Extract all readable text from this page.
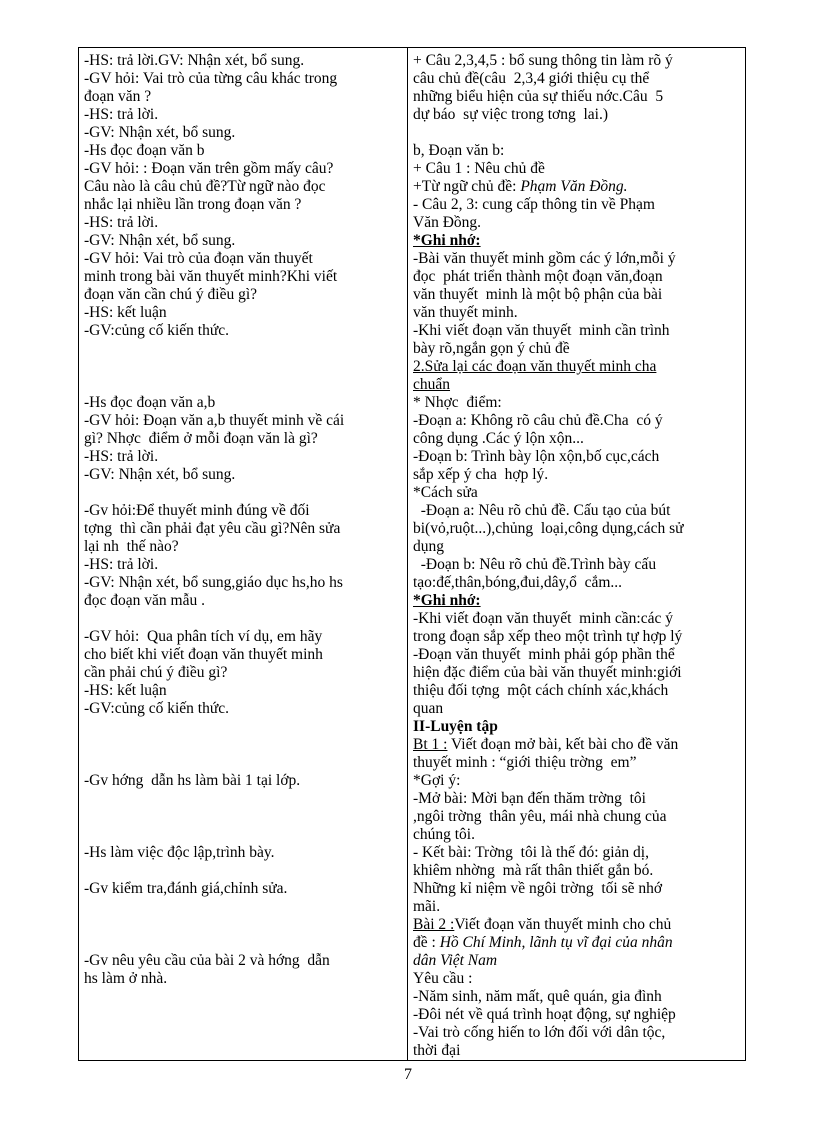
-HS: trả lời.GV: Nhận xét, bổ sung.
-GV hỏi: Vai trò của từng câu khác trong
đoạn văn ?
-HS: trả lời.
-GV: Nhận xét, bổ sung.
-Hs đọc đoạn văn b
-GV hỏi: : Đoạn văn trên gồm mấy câu?
Câu nào là câu chủ đề?Từ ngữ nào đọc
nhắc lại nhiều lần trong đoạn văn ?
-HS: trả lời.
-GV: Nhận xét, bổ sung.
-GV hỏi: Vai trò của đoạn văn thuyết
minh trong bài văn thuyết minh?Khi viết
đoạn văn cần chú ý điều gì?
-HS: kết luận
-GV:củng cố kiến thức.
-Hs đọc đoạn văn a,b
-GV hỏi: Đoạn văn a,b thuyết minh về cái
gì? Nhợc  điểm ở mỗi đoạn văn là gì?
-HS: trả lời.
-GV: Nhận xét, bổ sung.
-Gv hỏi:Để thuyết minh đúng về đối
tợng  thì cần phải đạt yêu cầu gì?Nên sửa
lại nh  thế nào?
-HS: trả lời.
-GV: Nhận xét, bổ sung,giáo dục hs,ho hs
đọc đoạn văn mẫu .
-GV hỏi:  Qua phân tích ví dụ, em hãy
cho biết khi viết đoạn văn thuyết minh
cần phải chú ý điều gì?
-HS: kết luận
-GV:củng cố kiến thức.
-Gv hớng  dẫn hs làm bài 1 tại lớp.
-Hs làm việc độc lập,trình bày.
-Gv kiểm tra,đánh giá,chỉnh sửa.
-Gv nêu yêu cầu của bài 2 và hớng  dẫn
hs làm ở nhà.
+ Câu 2,3,4,5 : bổ sung thông tin làm rõ ý
câu chủ đề(câu  2,3,4 giới thiệu cụ thể
những biểu hiện của sự thiếu nớc.Câu  5
dự báo  sự việc trong tơng  lai.)
b, Đoạn văn b:
+ Câu 1 : Nêu chủ đề
+Từ ngữ chủ đề: Phạm Văn Đồng.
- Câu 2, 3: cung cấp thông tin về Phạm
Văn Đồng.
*Ghi nhớ:
-Bài văn thuyết minh gồm các ý lớn,mỗi ý
đọc  phát triển thành một đoạn văn,đoạn
văn thuyết  minh là một bộ phận của bài
văn thuyết minh.
-Khi viết đoạn văn thuyết  minh cần trình
bày rõ,ngắn gọn ý chủ đề
2.Sửa lại các đoạn văn thuyết minh cha
chuẩn
* Nhợc  điểm:
-Đoạn a: Không rõ câu chủ đề.Cha  có ý
công dụng .Các ý lộn xộn...
-Đoạn b: Trình bày lộn xộn,bố cục,cách
sắp xếp ý cha  hợp lý.
*Cách sửa
-Đoạn a: Nêu rõ chủ đề. Cấu tạo của bút
bi(vỏ,ruột...),chủng  loại,công dụng,cách sử
dụng
-Đoạn b: Nêu rõ chủ đề.Trình bày cấu
tạo:đế,thân,bóng,đui,dây,ổ  cắm...
*Ghi nhớ:
-Khi viết đoạn văn thuyết  minh cần:các ý
trong đoạn sắp xếp theo một trình tự hợp lý
-Đoạn văn thuyết  minh phải góp phần thể
hiện đặc điểm của bài văn thuyết minh:giới
thiệu đối tợng  một cách chính xác,khách
quan
II-Luyện tập
Bt 1 : Viết đoạn mở bài, kết bài cho đề văn
thuyết minh : “giới thiệu trờng  em”
*Gợi ý:
-Mở bài: Mời bạn đến thăm trờng  tôi
,ngôi trờng  thân yêu, mái nhà chung của
chúng tôi.
- Kết bài: Trờng  tôi là thế đó: giản dị,
khiêm nhờng  mà rất thân thiết gắn bó.
Những kỉ niệm về ngôi trờng  tối sẽ nhớ
mãi.
Bài 2 :Viết đoạn văn thuyết minh cho chủ
đề : Hồ Chí Minh, lãnh tụ vĩ đại của nhân
dân Việt Nam
Yêu cầu :
-Năm sinh, năm mất, quê quán, gia đình
-Đôi nét về quá trình hoạt động, sự nghiệp
-Vai trò cống hiến to lớn đối với dân tộc,
thời đại
7
